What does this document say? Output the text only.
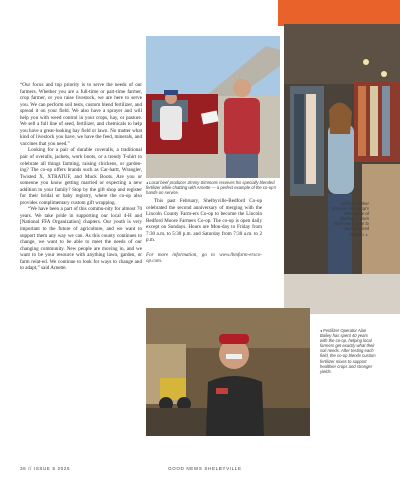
“Our focus and top priority is to serve the needs of our farmers. Whether you are a full-time or part-time farmer, crop farmer, or you raise livestock, we are here to serve you. We can perform soil tests, custom blend fertilizer, and spread it on your field. We also have a sprayer and will help you with weed control in your crops, hay, or pasture. We sell a full line of seed, fertilizer, and chemicals to help you have a great-looking hay field or lawn. No matter what kind of livestock you have, we have the feed, minerals, and vaccines that you need.”

Looking for a pair of durable coveralls, a traditional pair of overalls, jackets, work boots, or a trendy T-shirt to celebrate all things farming, raising chickens, or garden-ing? The co-op offers brands such as Car-hartt, Wrangler, Twisted X, XTRATUF, and Muck Boots. Are you or someone you know getting married or expecting a new addition to your family? Stop by the gift shop and register for their bridal or baby registry, where the co-op also provides complimentary custom gift wrapping.

“We have been a part of this commu-nity for almost 70 years. We take pride in supporting our local 4-H and [National FFA Organization] chapters. Our youth is very important to the future of agriculture, and we want to support them any way we can. As this county continues to change, we want to be able to meet the needs of our changing community. New people are moving in, and we want to be your resource with anything lawn, garden, or farm relat-ed. We continue to look for ways to change and to adapt,” said Arnette.

◂Local beef producer Jimmy Simmons receives his specially blended fertilizer while chatting with Arnette — a perfect example of the co-op's hands-on service.
Addison Parker browses the co-op's wide range of clothing — from work-ready gear to farm-inspired fashion. ▸

This past February, Shelbyville-Bedford Co-op celebrated the second anniversary of merging with the Lincoln County Farm-ers Co-op to become the Lincoln Bedford Moore Farmers Co-op. The co-op is open daily except on Sundays. Hours are Mon-day to Friday from 7:30 a.m. to 5:30 p.m. and Saturday from 7:30 a.m. to 2 p.m.

For more information, go to www.lbmfarm-ersco-op.com.

◂Fertilizer Operator Alan Bailey has spent 40 years with the co-op, helping local farmers get exactly what their soil needs. After testing each field, the co-op blends custom fertilizer mixes to support healthier crops and stronger yields.
36 // ISSUE 5 2025	GOOD NEWS SHELBYVILLE
